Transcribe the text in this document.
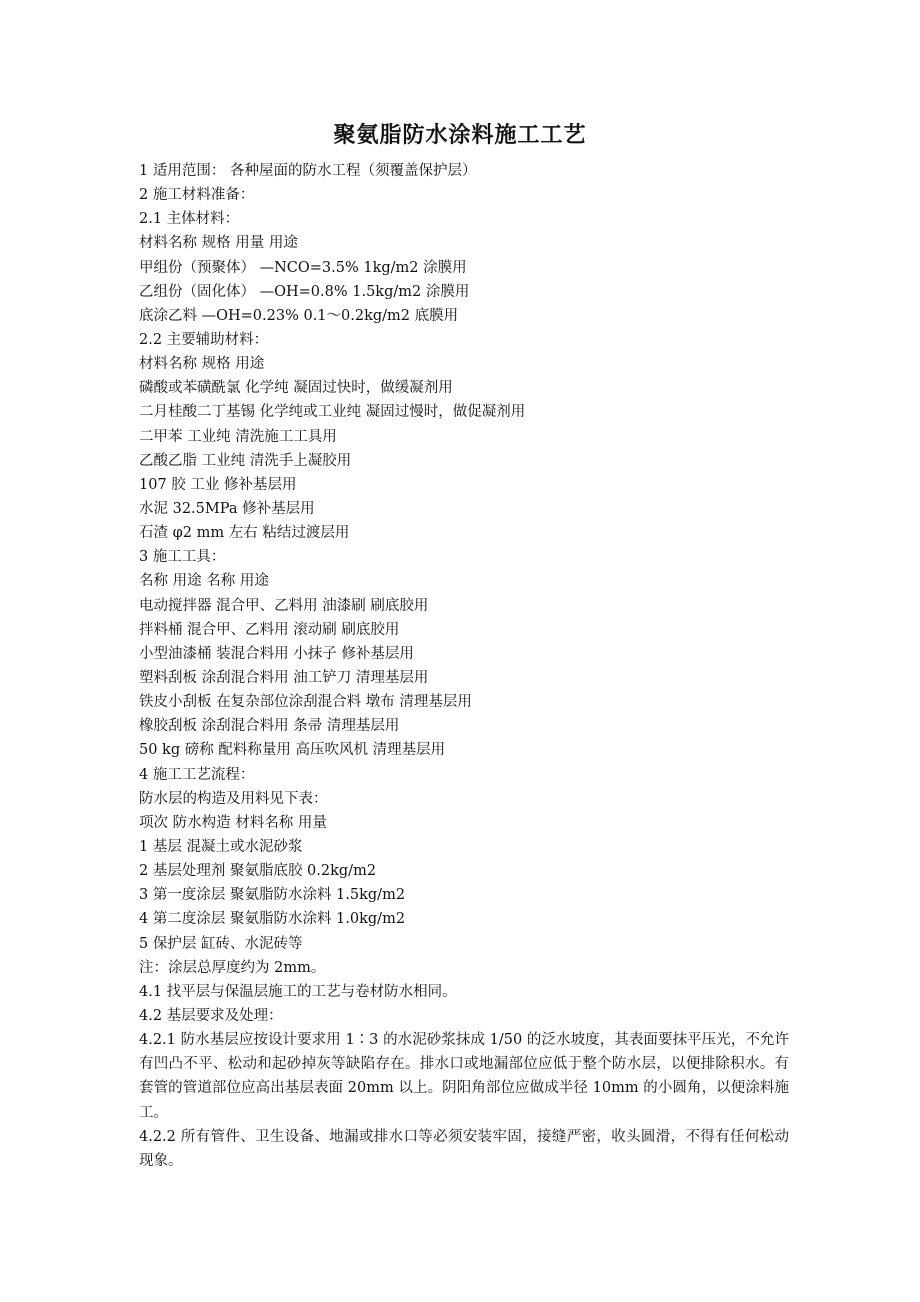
聚氨脂防水涂料施工工艺
1 适用范围： 各种屋面的防水工程（须覆盖保护层）
2 施工材料准备：
2.1 主体材料：
材料名称 规格 用量 用途
甲组份（预聚体） —NCO=3.5% 1kg/m2 涂膜用
乙组份（固化体） —OH=0.8% 1.5kg/m2 涂膜用
底涂乙料 —OH=0.23% 0.1～0.2kg/m2 底膜用
2.2 主要辅助材料：
材料名称 规格 用途
磷酸或苯磺酰氯 化学纯 凝固过快时，做缓凝剂用
二月桂酸二丁基锡 化学纯或工业纯 凝固过慢时，做促凝剂用
二甲苯 工业纯 清洗施工工具用
乙酸乙脂 工业纯 清洗手上凝胶用
107 胶 工业 修补基层用
水泥 32.5MPa 修补基层用
石渣 φ2 mm 左右 粘结过渡层用
3 施工工具：
名称 用途 名称 用途
电动搅拌器 混合甲、乙料用 油漆刷 刷底胶用
拌料桶 混合甲、乙料用 滚动刷 刷底胶用
小型油漆桶 装混合料用 小抹子 修补基层用
塑料刮板 涂刮混合料用 油工铲刀 清理基层用
铁皮小刮板 在复杂部位涂刮混合料 墩布 清理基层用
橡胶刮板 涂刮混合料用 条帚 清理基层用
50 kg 磅称 配料称量用 高压吹风机 清理基层用
4 施工工艺流程：
防水层的构造及用料见下表：
项次 防水构造 材料名称 用量
1 基层 混凝土或水泥砂浆
2 基层处理剂 聚氨脂底胶 0.2kg/m2
3 第一度涂层 聚氨脂防水涂料 1.5kg/m2
4 第二度涂层 聚氨脂防水涂料 1.0kg/m2
5 保护层 缸砖、水泥砖等
注：涂层总厚度约为 2mm。
4.1 找平层与保温层施工的工艺与卷材防水相同。
4.2 基层要求及处理：
4.2.1 防水基层应按设计要求用 1∶3 的水泥砂浆抹成 1/50 的泛水坡度，其表面要抹平压光，不允许有凹凸不平、松动和起砂掉灰等缺陷存在。排水口或地漏部位应低于整个防水层，以便排除积水。有套管的管道部位应高出基层表面 20mm 以上。阴阳角部位应做成半径 10mm 的小圆角，以便涂料施工。
4.2.2 所有管件、卫生设备、地漏或排水口等必须安装牢固，接缝严密，收头圆滑，不得有任何松动现象。
